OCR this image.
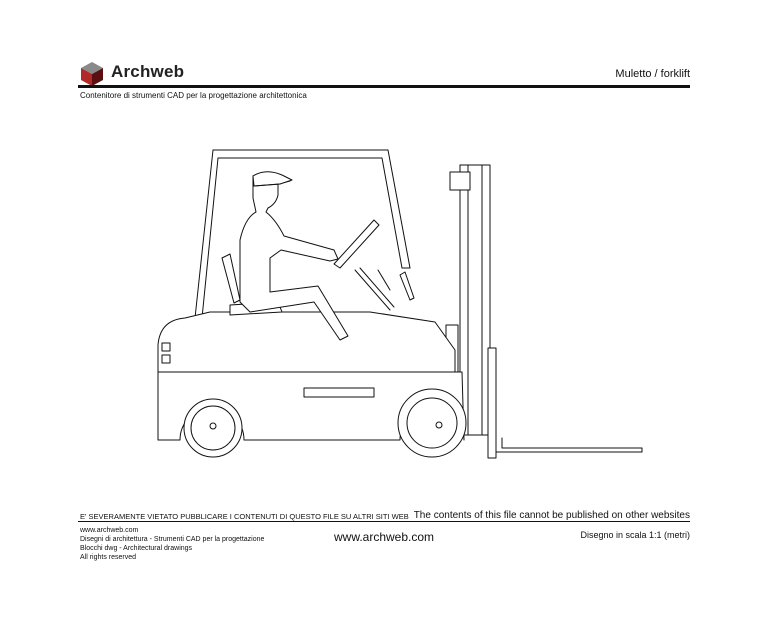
Archweb	Muletto / forklift
Contenitore di strumenti CAD per la progettazione architettonica
E' SEVERAMENTE VIETATO PUBBLICARE I CONTENUTI DI QUESTO FILE SU ALTRI SITI WEB The contents of this file cannot be published on other websites
www.archweb.com
Disegni di architettura - Strumenti CAD per la progettazione
Blocchi dwg - Architectural drawings
All rights reserved
www.archweb.com	Disegno in scala 1:1 (metri)
